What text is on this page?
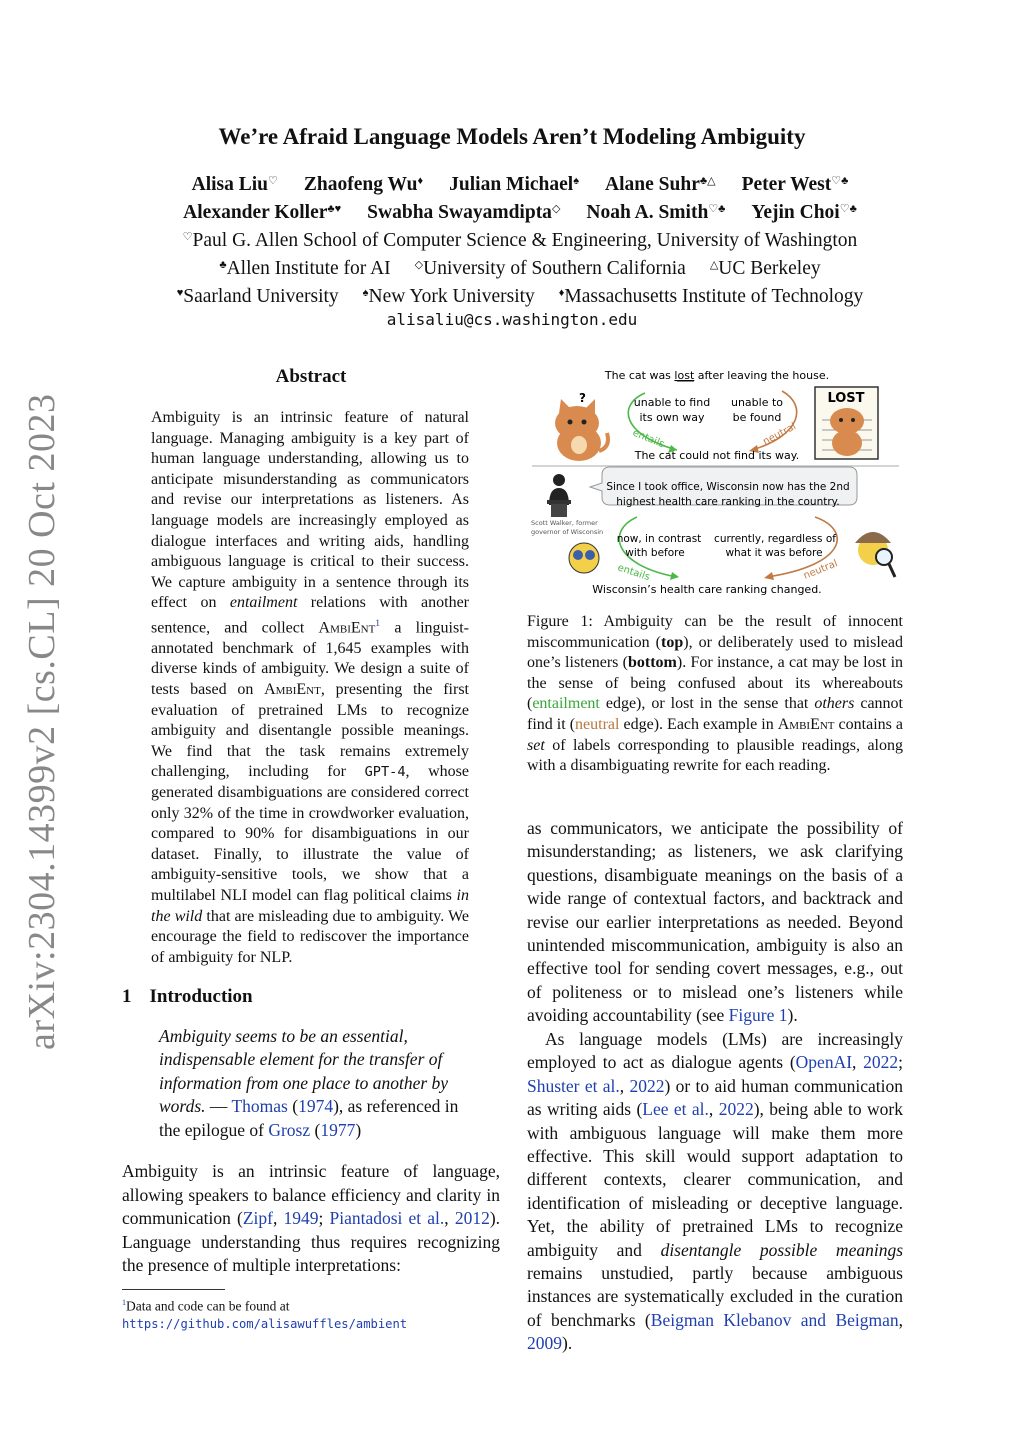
arXiv:2304.14399v2 [cs.CL] 20 Oct 2023
We’re Afraid Language Models Aren’t Modeling Ambiguity
Alisa Liu♡ Zhaofeng Wu♦ Julian Michael♠ Alane Suhr♣△ Peter West♡♣
Alexander Koller♣♥ Swabha Swayamdipta◇ Noah A. Smith♡♣ Yejin Choi♡♣
♡Paul G. Allen School of Computer Science & Engineering, University of Washington
♣Allen Institute for AI ◇University of Southern California △UC Berkeley
♥Saarland University ♠New York University ♦Massachusetts Institute of Technology
alisaliu@cs.washington.edu
Abstract
Ambiguity is an intrinsic feature of natural language. Managing ambiguity is a key part of human language understanding, allowing us to anticipate misunderstanding as communicators and revise our interpretations as listeners. As language models are increasingly employed as dialogue interfaces and writing aids, handling ambiguous language is critical to their success. We capture ambiguity in a sentence through its effect on entailment relations with another sentence, and collect AmbiEnt$^1$ a linguist-annotated benchmark of 1,645 examples with diverse kinds of ambiguity. We design a suite of tests based on AmbiEnt, presenting the first evaluation of pretrained LMs to recognize ambiguity and disentangle possible meanings. We find that the task remains extremely challenging, including for GPT-4, whose generated disambiguations are considered correct only 32% of the time in crowdworker evaluation, compared to 90% for disambiguations in our dataset. Finally, to illustrate the value of ambiguity-sensitive tools, we show that a multilabel NLI model can flag political claims in the wild that are misleading due to ambiguity. We encourage the field to rediscover the importance of ambiguity for NLP.
1 Introduction
Ambiguity seems to be an essential, indispensable element for the transfer of information from one place to another by words. — Thomas (1974), as referenced in the epilogue of Grosz (1977)
Ambiguity is an intrinsic feature of language, allowing speakers to balance efficiency and clarity in communication (Zipf, 1949; Piantadosi et al., 2012). Language understanding thus requires recognizing the presence of multiple interpretations:
$^1$Data and code can be found at https://github.com/alisawuffles/ambient
The cat was lost after leaving the house.
?	unable to find
its own way
unable to
be found
entails	neutral
The cat could not find its way.
LOST
Scott Walker, former
governor of Wisconsin
Since I took office, Wisconsin now has the 2nd
highest health care ranking in the country.
now, in contrast
with before
currently, regardless of
what it was before
entails	neutral
Wisconsin’s health care ranking changed.
Figure 1: Ambiguity can be the result of innocent miscommunication (top), or deliberately used to mislead one’s listeners (bottom). For instance, a cat may be lost in the sense of being confused about its whereabouts (entailment edge), or lost in the sense that others cannot find it (neutral edge). Each example in AmbiEnt contains a set of labels corresponding to plausible readings, along with a disambiguating rewrite for each reading.
as communicators, we anticipate the possibility of misunderstanding; as listeners, we ask clarifying questions, disambiguate meanings on the basis of a wide range of contextual factors, and backtrack and revise our earlier interpretations as needed. Beyond unintended miscommunication, ambiguity is also an effective tool for sending covert messages, e.g., out of politeness or to mislead one’s listeners while avoiding accountability (see Figure 1).
As language models (LMs) are increasingly employed to act as dialogue agents (OpenAI, 2022; Shuster et al., 2022) or to aid human communication as writing aids (Lee et al., 2022), being able to work with ambiguous language will make them more effective. This skill would support adaptation to different contexts, clearer communication, and identification of misleading or deceptive language. Yet, the ability of pretrained LMs to recognize ambiguity and disentangle possible meanings remains unstudied, partly because ambiguous instances are systematically excluded in the curation of benchmarks (Beigman Klebanov and Beigman, 2009).
